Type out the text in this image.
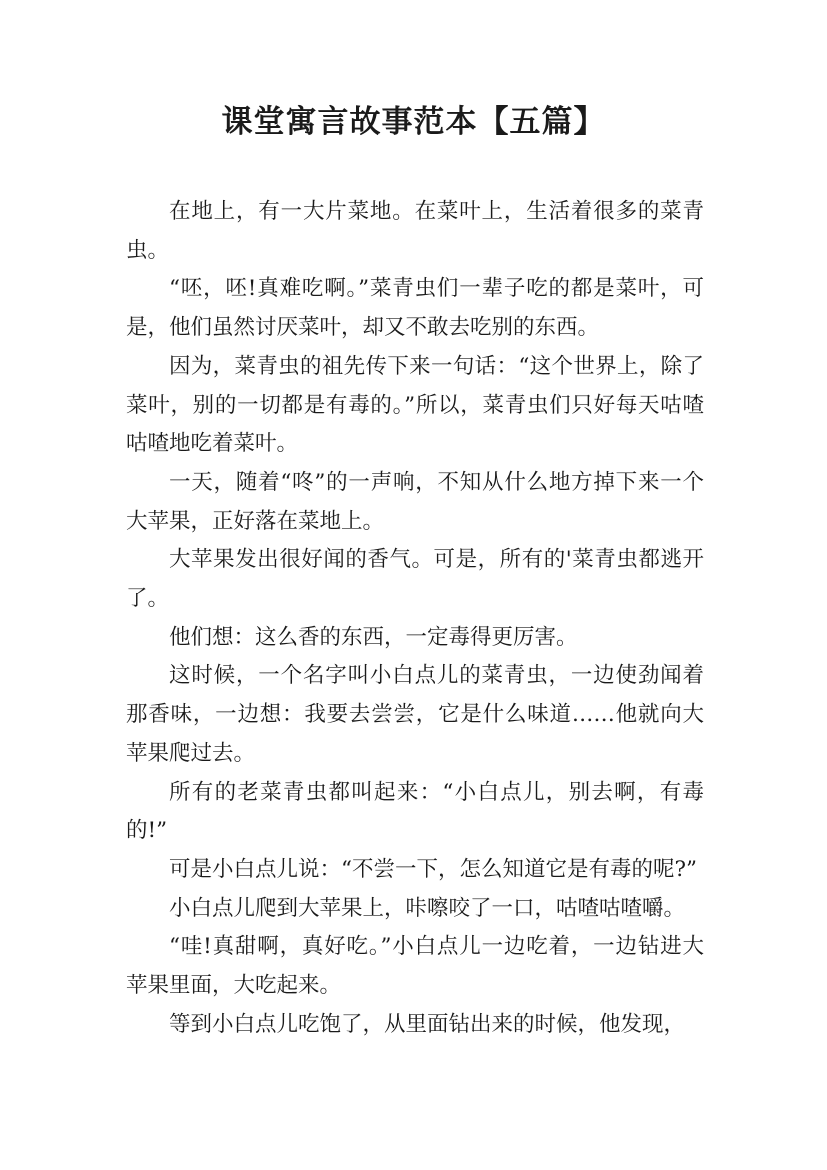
课堂寓言故事范本【五篇】

在地上，有一大片菜地。在菜叶上，生活着很多的菜青虫。

“呸，呸!真难吃啊。”菜青虫们一辈子吃的都是菜叶，可是，他们虽然讨厌菜叶，却又不敢去吃别的东西。

因为，菜青虫的祖先传下来一句话：“这个世界上，除了菜叶，别的一切都是有毒的。”所以，菜青虫们只好每天咕喳咕喳地吃着菜叶。

一天，随着“咚”的一声响，不知从什么地方掉下来一个大苹果，正好落在菜地上。

大苹果发出很好闻的香气。可是，所有的'菜青虫都逃开了。

他们想：这么香的东西，一定毒得更厉害。

这时候，一个名字叫小白点儿的菜青虫，一边使劲闻着那香味，一边想：我要去尝尝，它是什么味道……他就向大苹果爬过去。

所有的老菜青虫都叫起来：“小白点儿，别去啊，有毒的!”

可是小白点儿说：“不尝一下，怎么知道它是有毒的呢?”

小白点儿爬到大苹果上，咔嚓咬了一口，咕喳咕喳嚼。

“哇!真甜啊，真好吃。”小白点儿一边吃着，一边钻进大苹果里面，大吃起来。

等到小白点儿吃饱了，从里面钻出来的时候，他发现，
